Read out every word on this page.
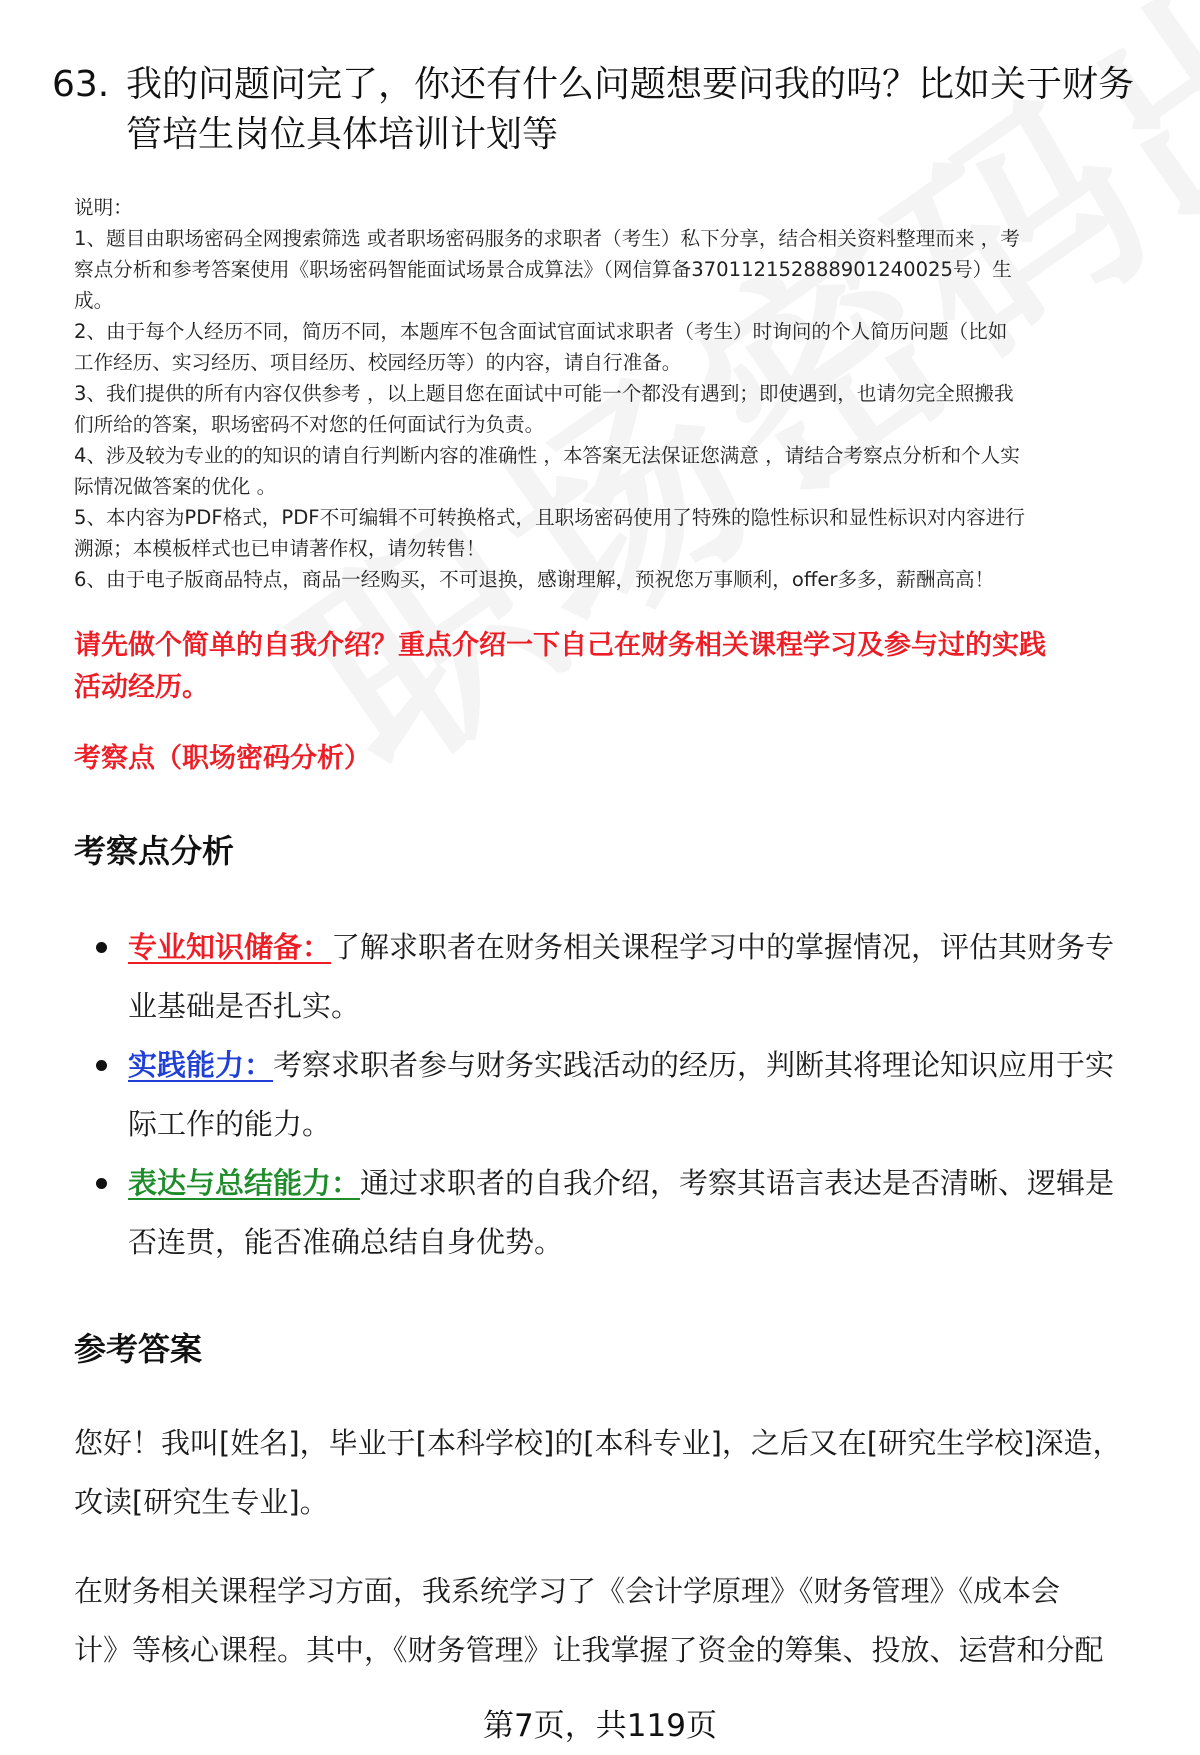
63. 我的问题问完了，你还有什么问题想要问我的吗？比如关于财务
管培生岗位具体培训计划等

说明：

1、题目由职场密码全网搜索筛选 或者职场密码服务的求职者（考生）私下分享，结合相关资料整理而来 ，考

察点分析和参考答案使用《职场密码智能面试场景合成算法》（网信算备37011215288890124002​5号）生

成。

2、由于每个人经历不同，简历不同，本题库不包含面试官面试求职者（考生）时询问的个人简历问题（比如

工作经历、实习经历、项目经历、校园经历等）的内容，请自行准备。

3、我们提供的所有内容仅供参考 ，以上题目您在面试中可能一个都没有遇到；即使遇到，也请勿完全照搬我

们所给的答案，职场密码不对您的任何面试行为负责。

4、涉及较为专业的的知识的请自行判断内容的准确性 ，本答案无法保证您满意 ，请结合考察点分析和个人实

际情况做答案的优化 。

5、本内容为PDF格式，PDF不可编辑不可转换格式，且职场密码使用了特殊的隐性标识和显性标识对内容进行

溯源；本模板样式也已申请著作权，请勿转售！

6、由于电子版商品特点，商品一经购买，不可退换，感谢理解，预祝您万事顺利，offer多多，薪酬高高！

请先做个简单的自我介绍？重点介绍一下自己在财务相关课程学习及参与过的实践
活动经历。
考察点（职场密码分析）
考察点分析
专业知识储备：了解求职者在财务相关课程学习中的掌握情况，评估其财务专
业基础是否扎实。
实践能力：考察求职者参与财务实践活动的经历，判断其将理论知识应用于实
际工作的能力。
表达与总结能力：通过求职者的自我介绍，考察其语言表达是否清晰、逻辑是
否连贯，能否准确总结自身优势。
参考答案

您好！我叫[姓名]，毕业于[本科学校]的[本科专业]，之后又在[研究生学校]深造，
攻读[研究生专业]。

在财务相关课程学习方面，我系统学习了《会计学原理》《财务管理》《成本会
计》等核心课程。其中，《财务管理》让我掌握了资金的筹集、投放、运营和分配

第7页，共119页
